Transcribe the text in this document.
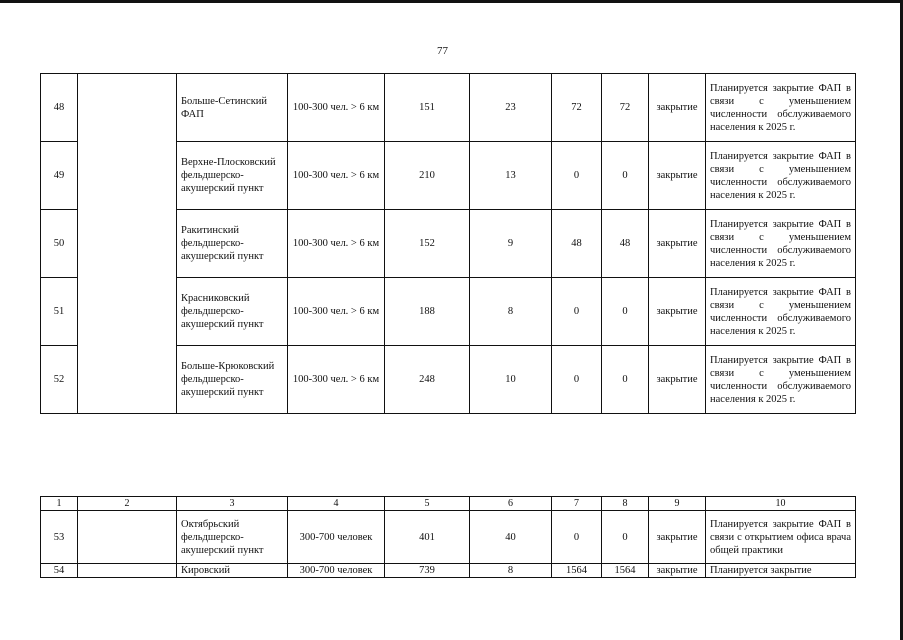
77
48		Больше-Сетинский ФАП	100-300 чел. > 6 км	151	23	72	72	закрытие	Планируется закрытие ФАП в связи с уменьшением численности обслуживаемого населения к 2025 г.
49		Верхне-Плосковский фельдшерско-акушерский пункт	100-300 чел. > 6 км	210	13	0	0	закрытие	Планируется закрытие ФАП в связи с уменьшением численности обслуживаемого населения к 2025 г.
50		Ракитинский фельдшерско-акушерский пункт	100-300 чел. > 6 км	152	9	48	48	закрытие	Планируется закрытие ФАП в связи с уменьшением численности обслуживаемого населения к 2025 г.
51		Красниковский фельдшерско-акушерский пункт	100-300 чел. > 6 км	188	8	0	0	закрытие	Планируется закрытие ФАП в связи с уменьшением численности обслуживаемого населения к 2025 г.
52		Больше-Крюковский фельдшерско-акушерский пункт	100-300 чел. > 6 км	248	10	0	0	закрытие	Планируется закрытие ФАП в связи с уменьшением численности обслуживаемого населения к 2025 г.
1	2	3	4	5	6	7	8	9	10
53		Октябрьский фельдшерско-акушерский пункт	300-700 человек	401	40	0	0	закрытие	Планируется закрытие ФАП в связи с открытием офиса врача общей практики
54		Кировский	300-700 человек	739	8	1564	1564	закрытие	Планируется закрытие
